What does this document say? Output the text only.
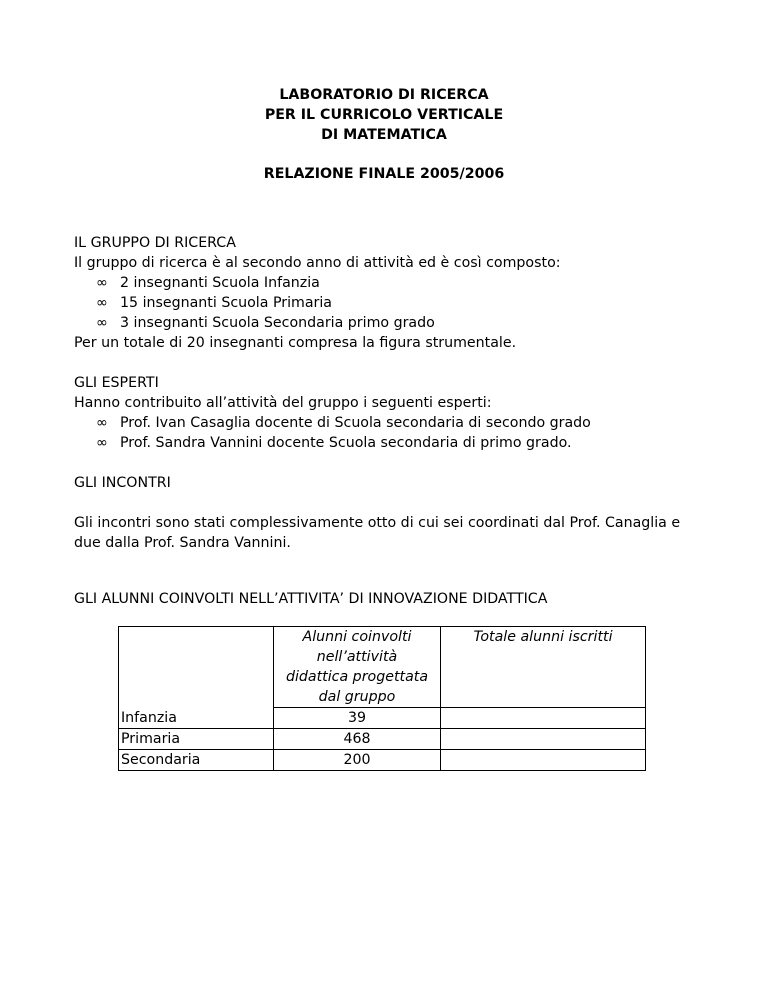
LABORATORIO DI RICERCA
PER IL CURRICOLO VERTICALE
DI MATEMATICA
RELAZIONE FINALE 2005/2006

IL GRUPPO DI RICERCA

Il gruppo di ricerca è al secondo anno di attività ed è così composto:

∞ 2 insegnanti Scuola Infanzia
∞ 15 insegnanti Scuola Primaria
∞ 3 insegnanti Scuola Secondaria primo grado

Per un totale di 20 insegnanti compresa la figura strumentale.

GLI ESPERTI

Hanno contribuito all’attività del gruppo i seguenti esperti:

∞ Prof. Ivan Casaglia docente di Scuola secondaria di secondo grado
∞ Prof. Sandra Vannini docente Scuola secondaria di primo grado.

GLI INCONTRI

Gli incontri sono stati complessivamente otto di cui sei coordinati dal Prof. Canaglia e

due dalla Prof. Sandra Vannini.

GLI ALUNNI COINVOLTI NELL’ATTIVITA’ DI INNOVAZIONE DIDATTICA

	Alunni coinvolti
nell’attività
didattica progettata
dal gruppo	Totale alunni iscritti
Infanzia	39	
Primaria	468	
Secondaria	200	
